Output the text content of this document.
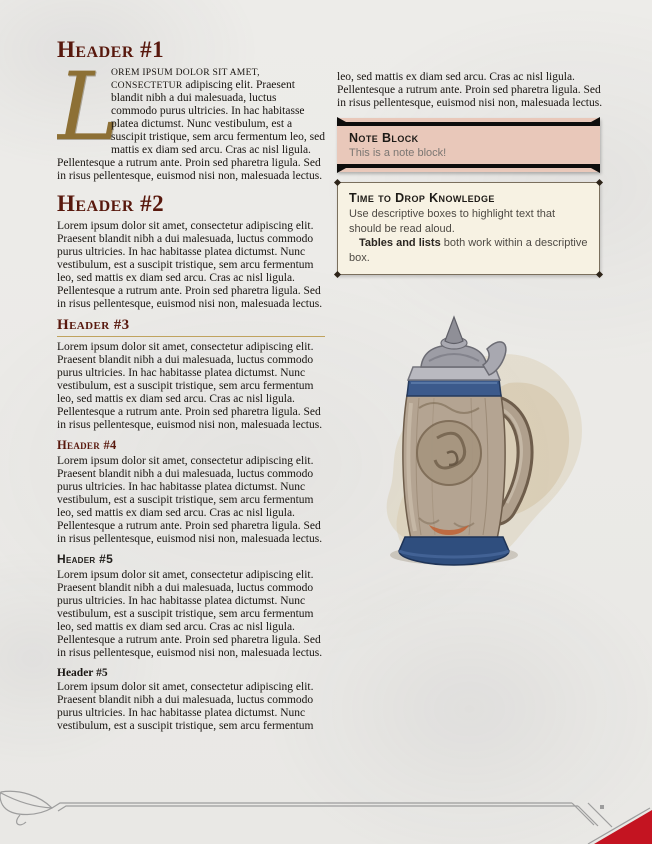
Header #1

L
OREM IPSUM DOLOR SIT AMET, CONSECTETUR adipiscing elit. Praesent blandit nibh a dui malesuada, luctus commodo purus ultricies. In hac habitasse platea dictumst. Nunc vestibulum, est a suscipit tristique, sem arcu fermentum leo, sed mattis ex diam sed arcu. Cras ac nisl ligula. Pellentesque a rutrum ante. Proin sed pharetra ligula. Sed in risus pellentesque, euismod nisi non, malesuada lectus.

Header #2

Lorem ipsum dolor sit amet, consectetur adipiscing elit. Praesent blandit nibh a dui malesuada, luctus commodo purus ultricies. In hac habitasse platea dictumst. Nunc vestibulum, est a suscipit tristique, sem arcu fermentum leo, sed mattis ex diam sed arcu. Cras ac nisl ligula. Pellentesque a rutrum ante. Proin sed pharetra ligula. Sed in risus pellentesque, euismod nisi non, malesuada lectus.

Header #3

Lorem ipsum dolor sit amet, consectetur adipiscing elit. Praesent blandit nibh a dui malesuada, luctus commodo purus ultricies. In hac habitasse platea dictumst. Nunc vestibulum, est a suscipit tristique, sem arcu fermentum leo, sed mattis ex diam sed arcu. Cras ac nisl ligula. Pellentesque a rutrum ante. Proin sed pharetra ligula. Sed in risus pellentesque, euismod nisi non, malesuada lectus.

Header #4

Lorem ipsum dolor sit amet, consectetur adipiscing elit. Praesent blandit nibh a dui malesuada, luctus commodo purus ultricies. In hac habitasse platea dictumst. Nunc vestibulum, est a suscipit tristique, sem arcu fermentum leo, sed mattis ex diam sed arcu. Cras ac nisl ligula. Pellentesque a rutrum ante. Proin sed pharetra ligula. Sed in risus pellentesque, euismod nisi non, malesuada lectus.

Header #5

Lorem ipsum dolor sit amet, consectetur adipiscing elit. Praesent blandit nibh a dui malesuada, luctus commodo purus ultricies. In hac habitasse platea dictumst. Nunc vestibulum, est a suscipit tristique, sem arcu fermentum leo, sed mattis ex diam sed arcu. Cras ac nisl ligula. Pellentesque a rutrum ante. Proin sed pharetra ligula. Sed in risus pellentesque, euismod nisi non, malesuada lectus.

Header #5

Lorem ipsum dolor sit amet, consectetur adipiscing elit. Praesent blandit nibh a dui malesuada, luctus commodo purus ultricies. In hac habitasse platea dictumst. Nunc vestibulum, est a suscipit tristique, sem arcu fermentum

leo, sed mattis ex diam sed arcu. Cras ac nisl ligula. Pellentesque a rutrum ante. Proin sed pharetra ligula. Sed in risus pellentesque, euismod nisi non, malesuada lectus.

Note Block
This is a note block!
Time to Drop Knowledge

Use descriptive boxes to highlight text that should be read aloud.

Tables and lists both work within a descriptive box.
